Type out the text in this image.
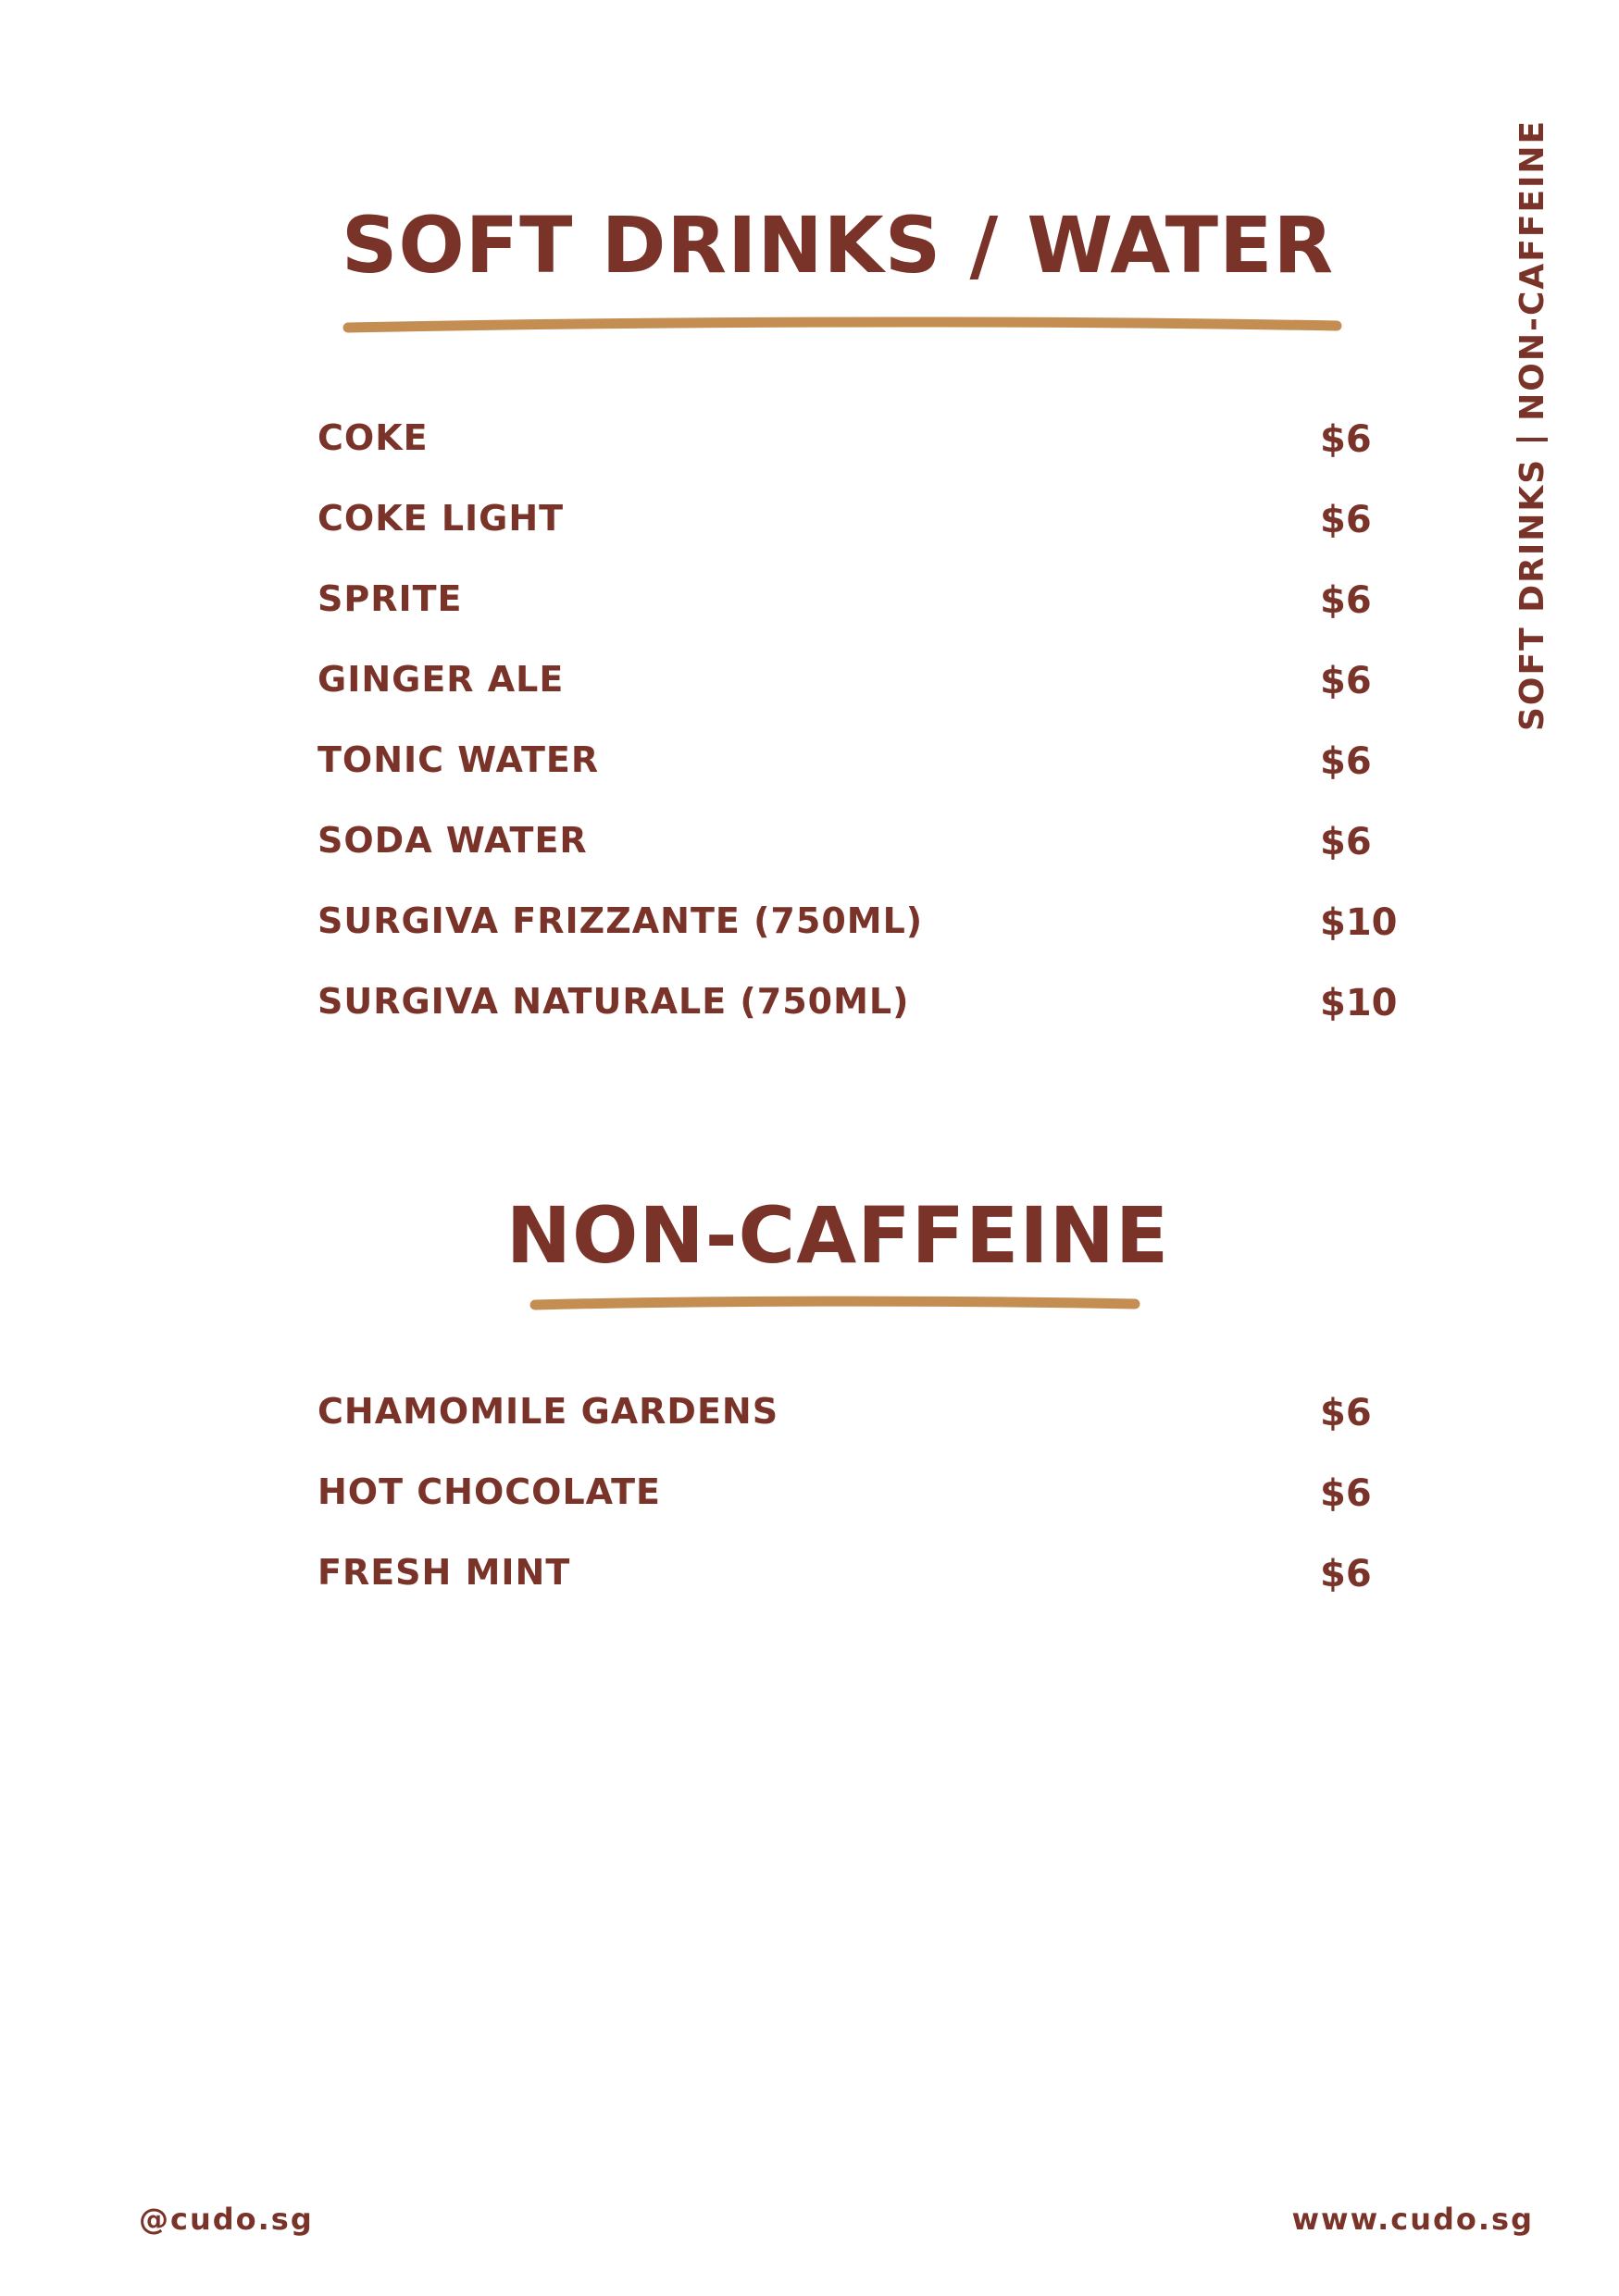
SOFT DRINKS / WATER
COKE	$6
COKE LIGHT	$6
SPRITE	$6
GINGER ALE	$6
TONIC WATER	$6
SODA WATER	$6
SURGIVA FRIZZANTE (750ML)	$10
SURGIVA NATURALE (750ML)	$10
NON-CAFFEINE
CHAMOMILE GARDENS	$6
HOT CHOCOLATE	$6
FRESH MINT	$6
SOFT DRINKS
NON-CAFFEINE
@cudo.sg	www.cudo.sg
